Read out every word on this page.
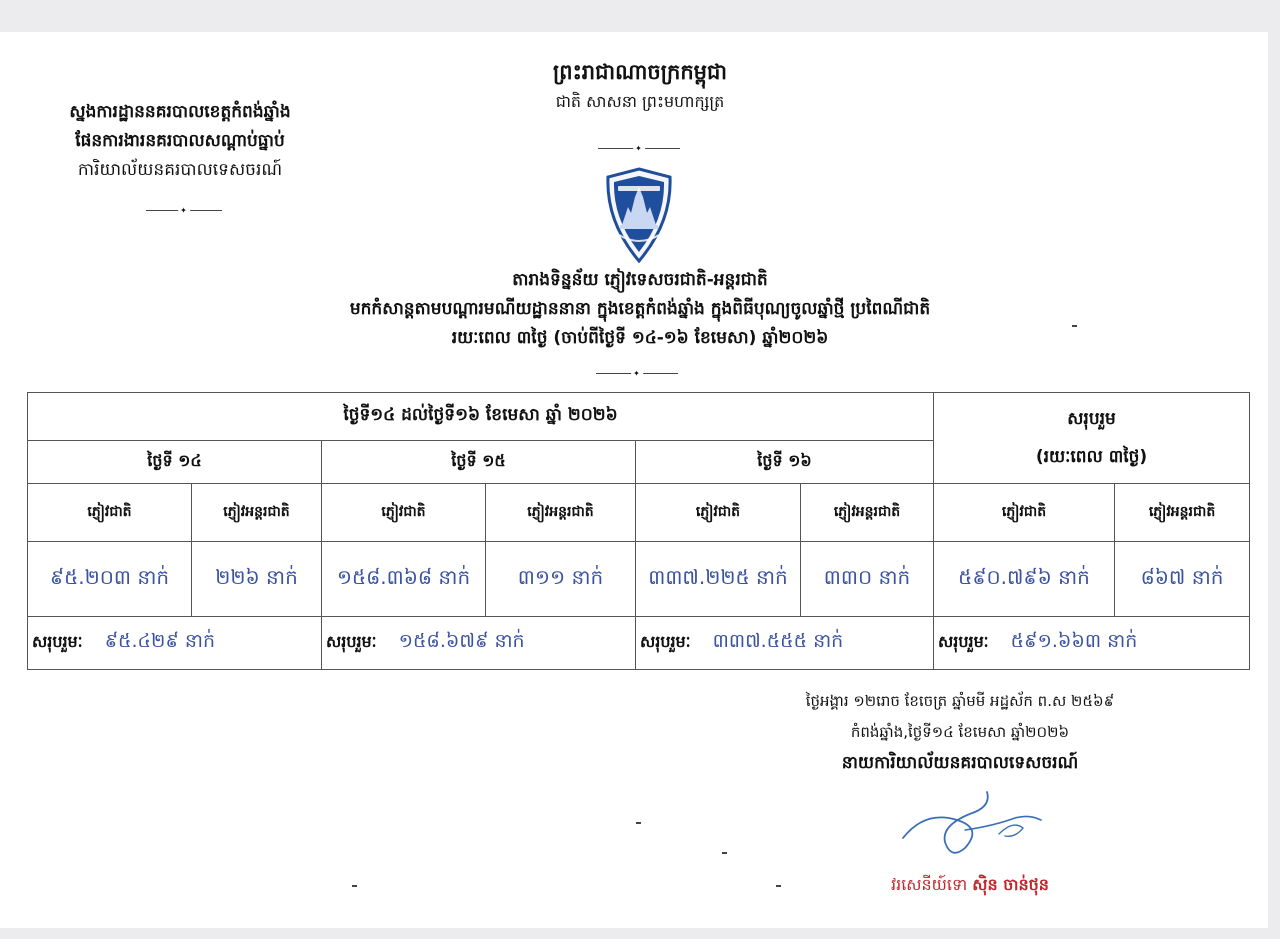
ស្នងការដ្ឋាននគរបាលខេត្តកំពង់ឆ្នាំង
ផែនការងារនគរបាលសណ្ដាប់ធ្នាប់
ការិយាល័យនគរបាលទេសចរណ៍
✦
ព្រះរាជាណាចក្រកម្ពុជា
ជាតិ សាសនា ព្រះមហាក្សត្រ
✦
តារាងទិន្នន័យ ភ្ញៀវទេសចរជាតិ-អន្តរជាតិ
មកកំសាន្តតាមបណ្ដារមណីយដ្ឋាននានា ក្នុងខេត្តកំពង់ឆ្នាំង ក្នុងពិធីបុណ្យចូលឆ្នាំថ្មី ប្រពៃណីជាតិ
រយៈពេល ៣ថ្ងៃ (ចាប់ពីថ្ងៃទី ១៤-១៦ ខែមេសា) ឆ្នាំ២០២៦
✦
ថ្ងៃទី១៤ ដល់ថ្ងៃទី១៦ ខែមេសា ឆ្នាំ ២០២៦						សរុបរួម
(រយៈពេល ៣ថ្ងៃ)	

ថ្ងៃទី ១៤		ថ្ងៃទី ១៥		ថ្ងៃទី ១៦			
ភ្ញៀវជាតិ	ភ្ញៀវអន្តរជាតិ	ភ្ញៀវជាតិ	ភ្ញៀវអន្តរជាតិ	ភ្ញៀវជាតិ	ភ្ញៀវអន្តរជាតិ	ភ្ញៀវជាតិ	ភ្ញៀវអន្តរជាតិ
៩៥.២០៣ នាក់	២២៦ នាក់	១៥៨.៣៦៨ នាក់	៣១១ នាក់	៣៣៧.២២៥ នាក់	៣៣០ នាក់	៥៩០.៧៩៦ នាក់	៨៦៧ នាក់
សរុបរួមៈ ៩៥.៤២៩ នាក់		សរុបរួមៈ ១៥៨.៦៧៩ នាក់		សរុបរួមៈ ៣៣៧.៥៥៥ នាក់		សរុបរួមៈ ៥៩១.៦៦៣ នាក់	
ថ្ងៃអង្គារ ១២រោច ខែចេត្រ ឆ្នាំមមី អដ្ឋស័ក ព.ស ២៥៦៩
កំពង់ឆ្នាំង,ថ្ងៃទី១៤ ខែមេសា ឆ្នាំ២០២៦
នាយការិយាល័យនគរបាលទេសចរណ៍
វរសេនីយ៍ទោ ស៊ិន ចាន់ថុន
